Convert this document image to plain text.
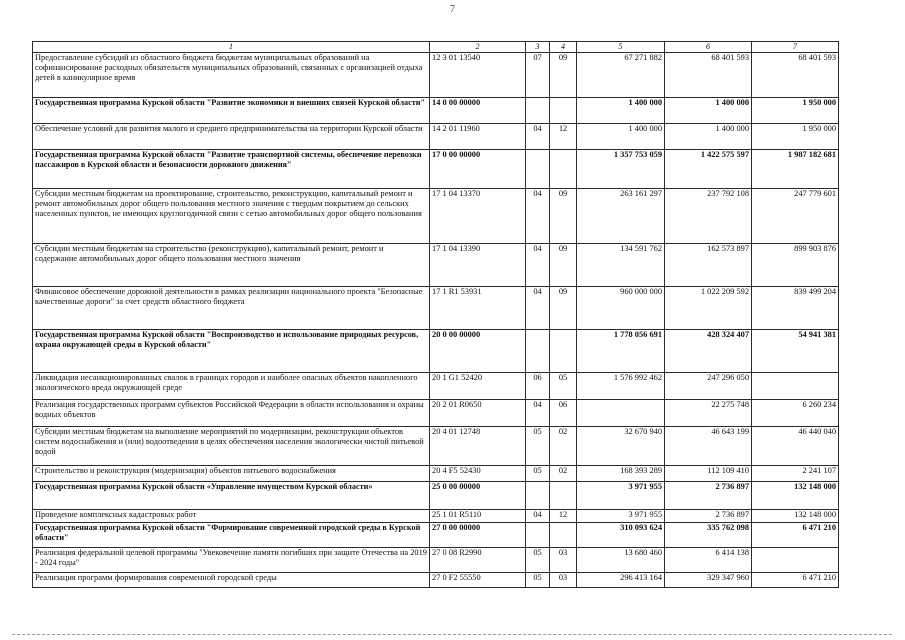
7
1	2	3	4	5	6	7
Предоставление субсидий из областного бюджета бюджетам муниципальных образований на софинансирование расходных обязательств муниципальных образований, связанных с организацией отдыха детей в каникулярное время	12 3 01 13540	07	09	67 271 882	68 401 593	68 401 593
Государственная программа Курской области "Развитие экономики и внешних связей Курской области"	14 0 00 00000			1 400 000	1 400 000	1 950 000
Обеспечение условий для развития малого и среднего предпринимательства на территории Курской области	14 2 01 11960	04	12	1 400 000	1 400 000	1 950 000
Государственная программа Курской области "Развитие транспортной системы, обеспечение перевозки пассажиров в Курской области и безопасности дорожного движения"	17 0 00 00000			1 357 753 059	1 422 575 597	1 987 182 681
Субсидии местным бюджетам на проектирование, строительство, реконструкцию, капитальный ремонт и ремонт автомобильных дорог общего пользования местного значения с твердым покрытием до сельских населенных пунктов, не имеющих круглогодичной связи с сетью автомобильных дорог общего пользования	17 1 04 13370	04	09	263 161 297	237 792 108	247 779 601
Субсидии местным бюджетам на строительство (реконструкцию), капитальный ремонт, ремонт и содержание автомобильных дорог общего пользования местного значения	17 1 04 13390	04	09	134 591 762	162 573 897	899 903 876
Финансовое обеспечение дорожной деятельности в рамках реализации национального проекта "Безопасные качественные дороги" за счет средств областного бюджета	17 1 R1 53931	04	09	960 000 000	1 022 209 592	839 499 204
Государственная программа Курской области "Воспроизводство и использование природных ресурсов, охрана окружающей среды в Курской области"	20 0 00 00000			1 778 056 691	428 324 407	54 941 381
Ликвидация несанкционированных свалок в границах городов и наиболее опасных объектов накопленного экологического вреда окружающей среде	20 1 G1 52420	06	05	1 576 992 462	247 296 050	
Реализация государственных программ субъектов Российской Федерации в области использования и охраны водных объектов	20 2 01 R0650	04	06		22 275 748	6 260 234
Субсидии местным бюджетам на выполнение мероприятий по модернизации, реконструкции объектов систем водоснабжения и (или) водоотведения в целях обеспечения населения экологически чистой питьевой водой	20 4 01 12748	05	02	32 670 940	46 643 199	46 440 040
Строительство и реконструкция (модернизация) объектов питьевого водоснабжения	20 4 F5 52430	05	02	168 393 289	112 109 410	2 241 107
Государственная программа Курской области «Управление имуществом Курской области»	25 0 00 00000			3 971 955	2 736 897	132 148 000
Проведение комплексных кадастровых работ	25 1 01 R5110	04	12	3 971 955	2 736 897	132 148 000
Государственная программа Курской области "Формирование современной городской среды в Курской области"	27 0 00 00000			310 093 624	335 762 098	6 471 210
Реализация федеральной целевой программы "Увековечение памяти погибших при защите Отечества на 2019 - 2024 годы"	27 0 08 R2990	05	03	13 680 460	6 414 138	
Реализация программ формирования современной городской среды	27 0 F2 55550	05	03	296 413 164	329 347 960	6 471 210
